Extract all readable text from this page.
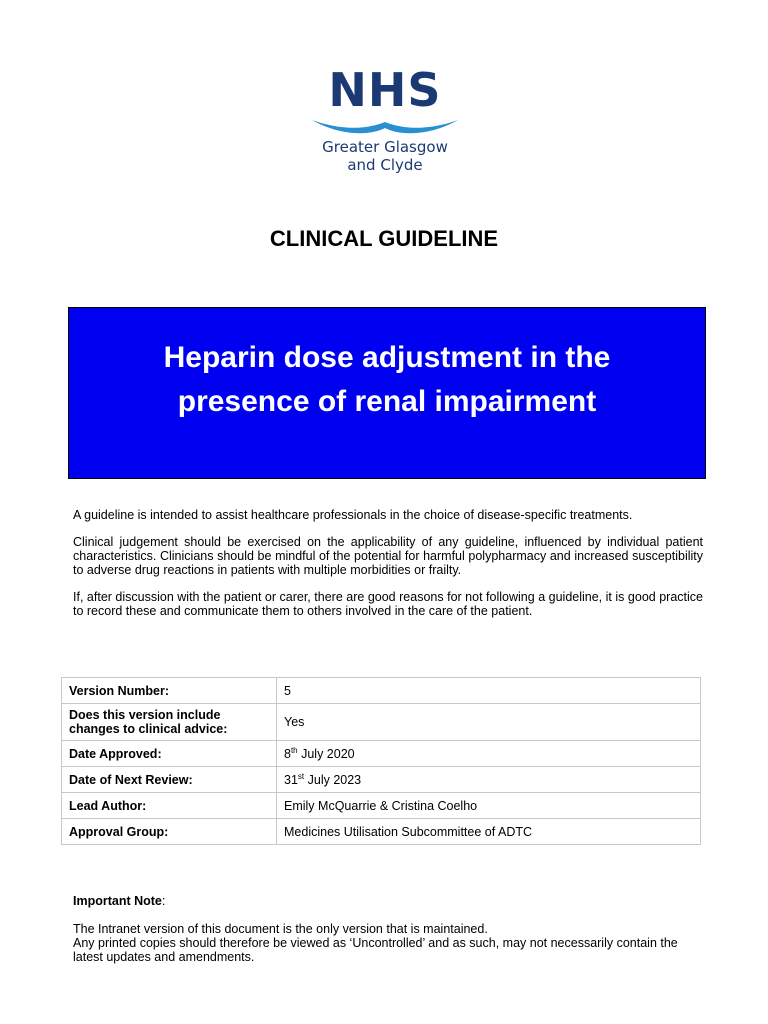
NHS
Greater Glasgow
and Clyde
CLINICAL GUIDELINE
Heparin dose adjustment in the presence of renal impairment

A guideline is intended to assist healthcare professionals in the choice of disease-specific treatments.

Clinical judgement should be exercised on the applicability of any guideline, influenced by individual patient characteristics. Clinicians should be mindful of the potential for harmful polypharmacy and increased susceptibility to adverse drug reactions in patients with multiple morbidities or frailty.

If, after discussion with the patient or carer, there are good reasons for not following a guideline, it is good practice to record these and communicate them to others involved in the care of the patient.

Version Number:	5
Does this version include changes to clinical advice:	Yes
Date Approved:	8th July 2020
Date of Next Review:	31st July 2023
Lead Author:	Emily McQuarrie & Cristina Coelho
Approval Group:	Medicines Utilisation Subcommittee of ADTC
Important Note:
The Intranet version of this document is the only version that is maintained.
Any printed copies should therefore be viewed as ‘Uncontrolled’ and as such, may not necessarily contain the latest updates and amendments.
